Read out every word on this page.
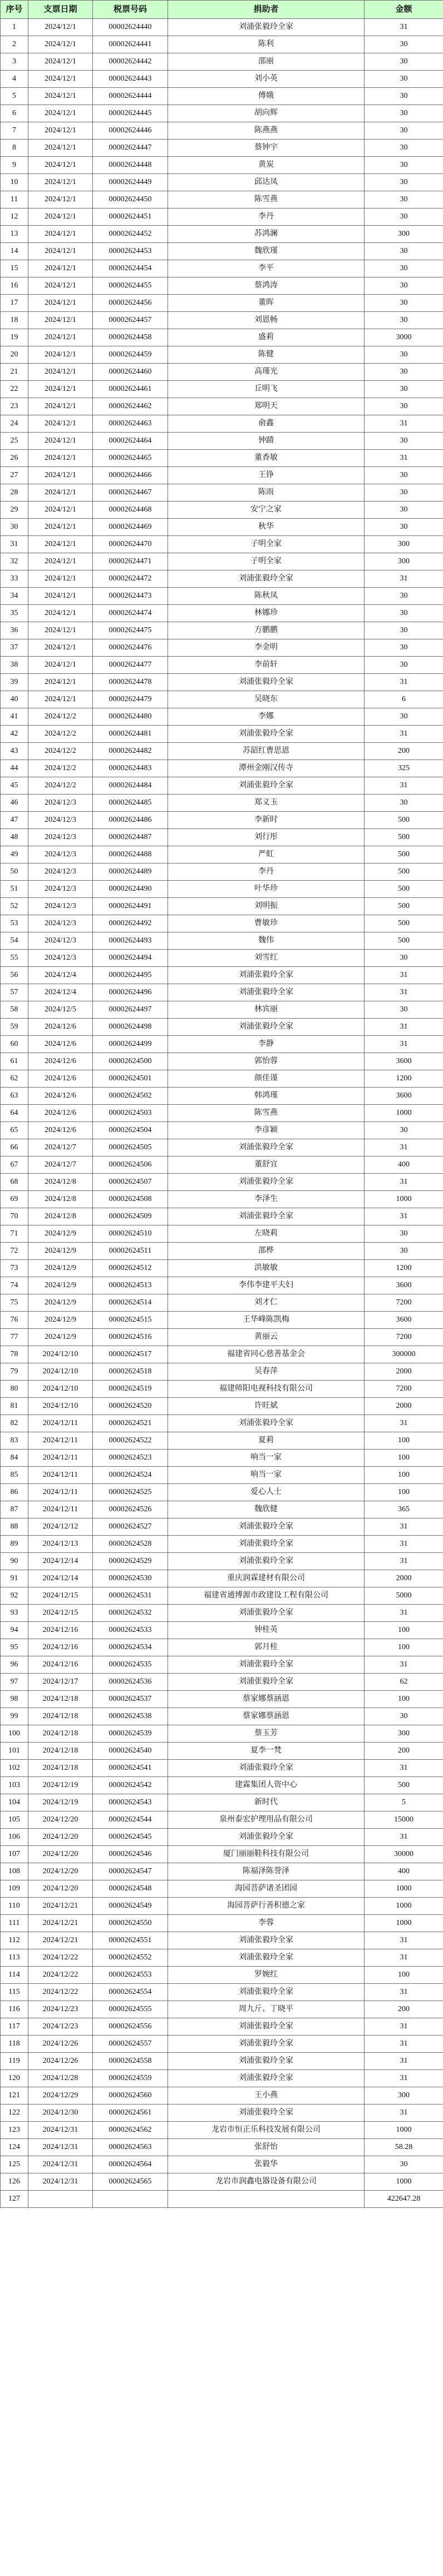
序号	支票日期	税票号码	捐助者	金额
1	2024/12/1	00002624440	刘浦张毅玲全家	31
2	2024/12/1	00002624441	陈利	30
3	2024/12/1	00002624442	邵丽	30
4	2024/12/1	00002624443	刘小英	30
5	2024/12/1	00002624444	傅娥	30
6	2024/12/1	00002624445	胡向辉	30
7	2024/12/1	00002624446	陈燕燕	30
8	2024/12/1	00002624447	蔡钟宇	30
9	2024/12/1	00002624448	黄炭	30
10	2024/12/1	00002624449	邱达凤	30
11	2024/12/1	00002624450	陈雪燕	30
12	2024/12/1	00002624451	李丹	30
13	2024/12/1	00002624452	苏鸿澜	300
14	2024/12/1	00002624453	魏欣瑾	30
15	2024/12/1	00002624454	李平	30
16	2024/12/1	00002624455	蔡鸿涛	30
17	2024/12/1	00002624456	董晖	30
18	2024/12/1	00002624457	刘恩畅	30
19	2024/12/1	00002624458	盛莉	3000
20	2024/12/1	00002624459	陈健	30
21	2024/12/1	00002624460	高瑾光	30
22	2024/12/1	00002624461	丘明飞	30
23	2024/12/1	00002624462	郑明天	30
24	2024/12/1	00002624463	俞鑫	31
25	2024/12/1	00002624464	钟蹟	30
26	2024/12/1	00002624465	董香敏	31
27	2024/12/1	00002624466	王铮	30
28	2024/12/1	00002624467	陈雨	30
29	2024/12/1	00002624468	安宁之家	30
30	2024/12/1	00002624469	秋华	30
31	2024/12/1	00002624470	子明全家	300
32	2024/12/1	00002624471	子明全家	300
33	2024/12/1	00002624472	刘浦张毅玲全家	31
34	2024/12/1	00002624473	陈秋凤	30
35	2024/12/1	00002624474	林娜珍	30
36	2024/12/1	00002624475	方鹏鹏	30
37	2024/12/1	00002624476	李金明	30
38	2024/12/1	00002624477	李前轩	30
39	2024/12/1	00002624478	刘浦张毅玲全家	31
40	2024/12/1	00002624479	吴晓东	6
41	2024/12/2	00002624480	李娜	30
42	2024/12/2	00002624481	刘浦张毅玲全家	31
43	2024/12/2	00002624482	苏韶红曹思恩	200
44	2024/12/2	00002624483	潭州金刚汉传寺	325
45	2024/12/2	00002624484	刘浦张毅玲全家	31
46	2024/12/3	00002624485	郑义玉	30
47	2024/12/3	00002624486	李新时	500
48	2024/12/3	00002624487	刘行彤	500
49	2024/12/3	00002624488	严虹	500
50	2024/12/3	00002624489	李丹	500
51	2024/12/3	00002624490	叶华珍	500
52	2024/12/3	00002624491	刘明振	500
53	2024/12/3	00002624492	曹敏珍	500
54	2024/12/3	00002624493	魏伟	500
55	2024/12/3	00002624494	刘雪红	30
56	2024/12/4	00002624495	刘浦张毅玲全家	31
57	2024/12/4	00002624496	刘浦张毅玲全家	31
58	2024/12/5	00002624497	林宾丽	30
59	2024/12/6	00002624498	刘浦张毅玲全家	31
60	2024/12/6	00002624499	李静	31
61	2024/12/6	00002624500	郭怡蓉	3600
62	2024/12/6	00002624501	颜佳谨	1200
63	2024/12/6	00002624502	韩鸿瑾	3600
64	2024/12/6	00002624503	陈雪燕	1000
65	2024/12/6	00002624504	李彦颖	30
66	2024/12/7	00002624505	刘浦张毅玲全家	31
67	2024/12/7	00002624506	董舒宜	400
68	2024/12/8	00002624507	刘浦张毅玲全家	31
69	2024/12/8	00002624508	李泽生	1000
70	2024/12/8	00002624509	刘浦张毅玲全家	31
71	2024/12/9	00002624510	左晓莉	30
72	2024/12/9	00002624511	邵桦	30
73	2024/12/9	00002624512	洪敏敏	1200
74	2024/12/9	00002624513	李伟李建平夫妇	3600
75	2024/12/9	00002624514	刘才仁	7200
76	2024/12/9	00002624515	王华峰陈凯梅	3600
77	2024/12/9	00002624516	黄丽云	7200
78	2024/12/10	00002624517	福建省同心慈善基金会	300000
79	2024/12/10	00002624518	吴春萍	2000
80	2024/12/10	00002624519	福建师阳电视科技有限公司	7200
81	2024/12/10	00002624520	许旺斌	2000
82	2024/12/11	00002624521	刘浦张毅玲全家	31
83	2024/12/11	00002624522	夏莉	100
84	2024/12/11	00002624523	响当一家	100
85	2024/12/11	00002624524	响当一家	100
86	2024/12/11	00002624525	爱心人士	100
87	2024/12/11	00002624526	魏欣健	365
88	2024/12/12	00002624527	刘浦张毅玲全家	31
89	2024/12/13	00002624528	刘浦张毅玲全家	31
90	2024/12/14	00002624529	刘浦张毅玲全家	31
91	2024/12/14	00002624530	重庆润霖建材有限公司	2000
92	2024/12/15	00002624531	福建省通博源市政建设工程有限公司	5000
93	2024/12/15	00002624532	刘浦张毅玲全家	31
94	2024/12/16	00002624533	钟桂英	100
95	2024/12/16	00002624534	郭月桂	100
96	2024/12/16	00002624535	刘浦张毅玲全家	31
97	2024/12/17	00002624536	刘浦张毅玲全家	62
98	2024/12/18	00002624537	蔡家娜蔡涵恩	100
99	2024/12/18	00002624538	蔡家娜蔡涵恩	30
100	2024/12/18	00002624539	蔡玉芳	300
101	2024/12/18	00002624540	夏李一梵	200
102	2024/12/18	00002624541	刘浦张毅玲全家	31
103	2024/12/19	00002624542	建霖集团人资中心	500
104	2024/12/19	00002624543	新时代	5
105	2024/12/20	00002624544	泉州泰宏护理用品有限公司	15000
106	2024/12/20	00002624545	刘浦张毅玲全家	31
107	2024/12/20	00002624546	厦门丽丽鞋科技有限公司	30000
108	2024/12/20	00002624547	陈福泽陈誉泽	400
109	2024/12/20	00002624548	海园菩萨诸圣团园	1000
110	2024/12/21	00002624549	海园菩萨行善积德之家	1000
111	2024/12/21	00002624550	李蓉	1000
112	2024/12/21	00002624551	刘浦张毅玲全家	31
113	2024/12/22	00002624552	刘浦张毅玲全家	31
114	2024/12/22	00002624553	罗婉红	100
115	2024/12/22	00002624554	刘浦张毅玲全家	31
116	2024/12/23	00002624555	周九斤、丁晓平	200
117	2024/12/23	00002624556	刘浦张毅玲全家	31
118	2024/12/26	00002624557	刘浦张毅玲全家	31
119	2024/12/26	00002624558	刘浦张毅玲全家	31
120	2024/12/28	00002624559	刘浦张毅玲全家	31
121	2024/12/29	00002624560	王小燕	300
122	2024/12/30	00002624561	刘浦张毅玲全家	31
123	2024/12/31	00002624562	龙岩市恒正乐科技发展有限公司	1000
124	2024/12/31	00002624563	张舒怡	58.28
125	2024/12/31	00002624564	张毅华	30
126	2024/12/31	00002624565	龙岩市润鑫电器设备有限公司	1000
127				422647.28
